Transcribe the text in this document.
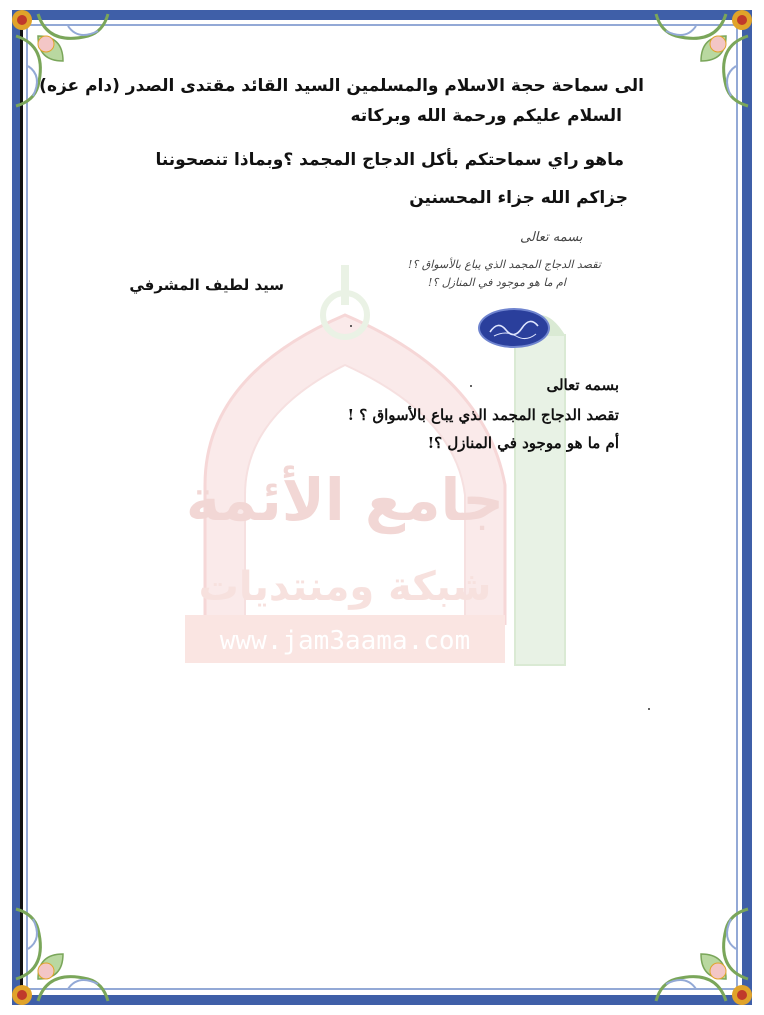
جامع الأئمة
شبكة ومنتديات
www.jam3aama.com
الى سماحة حجة الاسلام والمسلمين السيد القائد مقتدى الصدر (دام عزه)
السلام عليكم ورحمة الله وبركاته
ماهو راي سماحتكم بأكل الدجاج المجمد ؟وبماذا تنصحوننا
جزاكم الله جزاء المحسنين
سيد لطيف المشرفي
بسمه تعالى
تقصد الدجاج المجمد الذي يباع بالأسواق ؟!
ام ما هو موجود في المنازل ؟!
بسمه تعالى
تقصد الدجاج المجمد الذي يباع بالأسواق ؟ !
أم ما هو موجود في المنازل ؟!
